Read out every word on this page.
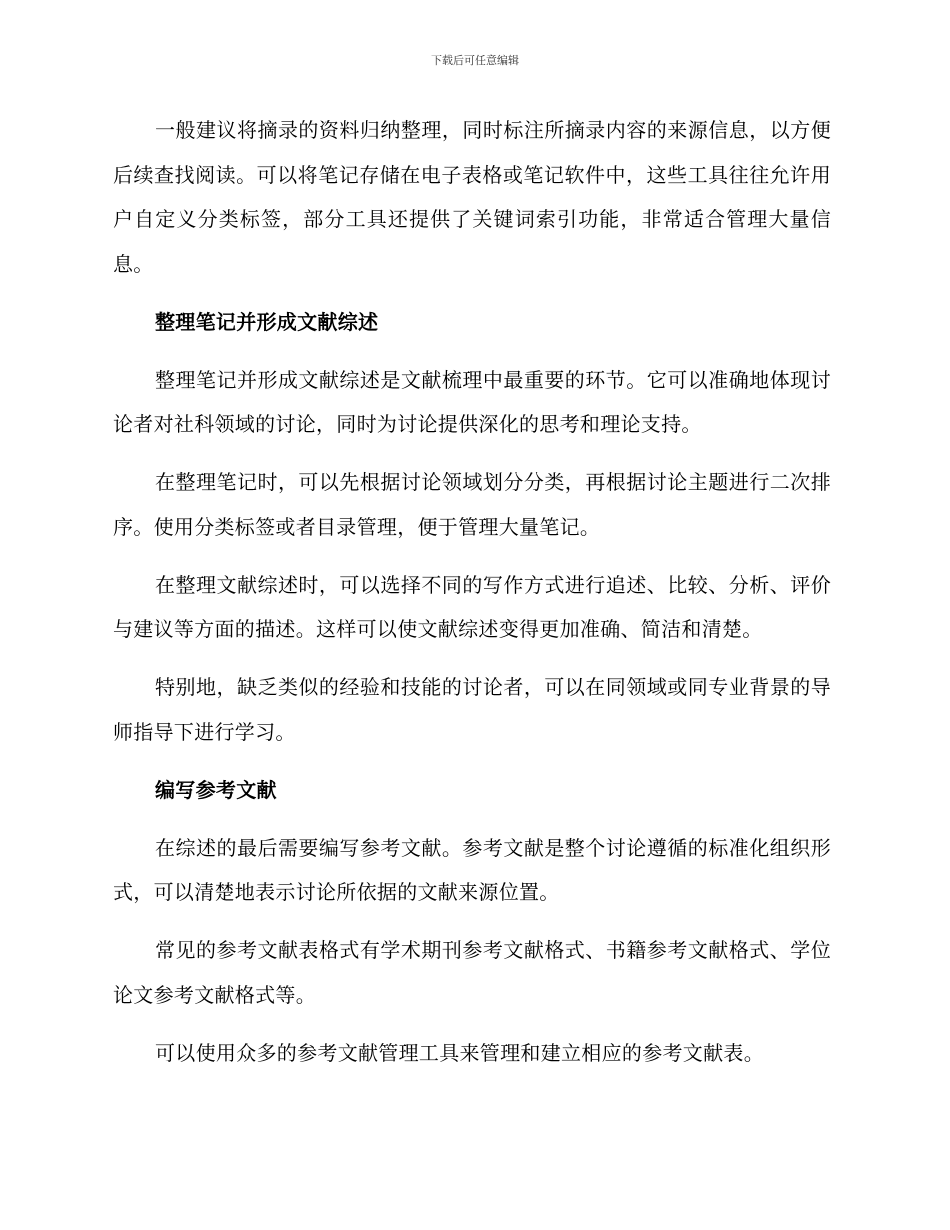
下载后可任意编辑

一般建议将摘录的资料归纳整理，同时标注所摘录内容的来源信息，以方便后续查找阅读。可以将笔记存储在电子表格或笔记软件中，这些工具往往允许用户自定义分类标签，部分工具还提供了关键词索引功能，非常适合管理大量信息。

整理笔记并形成文献综述

整理笔记并形成文献综述是文献梳理中最重要的环节。它可以准确地体现讨论者对社科领域的讨论，同时为讨论提供深化的思考和理论支持。

在整理笔记时，可以先根据讨论领域划分分类，再根据讨论主题进行二次排序。使用分类标签或者目录管理，便于管理大量笔记。

在整理文献综述时，可以选择不同的写作方式进行追述、比较、分析、评价与建议等方面的描述。这样可以使文献综述变得更加准确、简洁和清楚。

特别地，缺乏类似的经验和技能的讨论者，可以在同领域或同专业背景的导师指导下进行学习。

编写参考文献

在综述的最后需要编写参考文献。参考文献是整个讨论遵循的标准化组织形式，可以清楚地表示讨论所依据的文献来源位置。

常见的参考文献表格式有学术期刊参考文献格式、书籍参考文献格式、学位论文参考文献格式等。

可以使用众多的参考文献管理工具来管理和建立相应的参考文献表。
